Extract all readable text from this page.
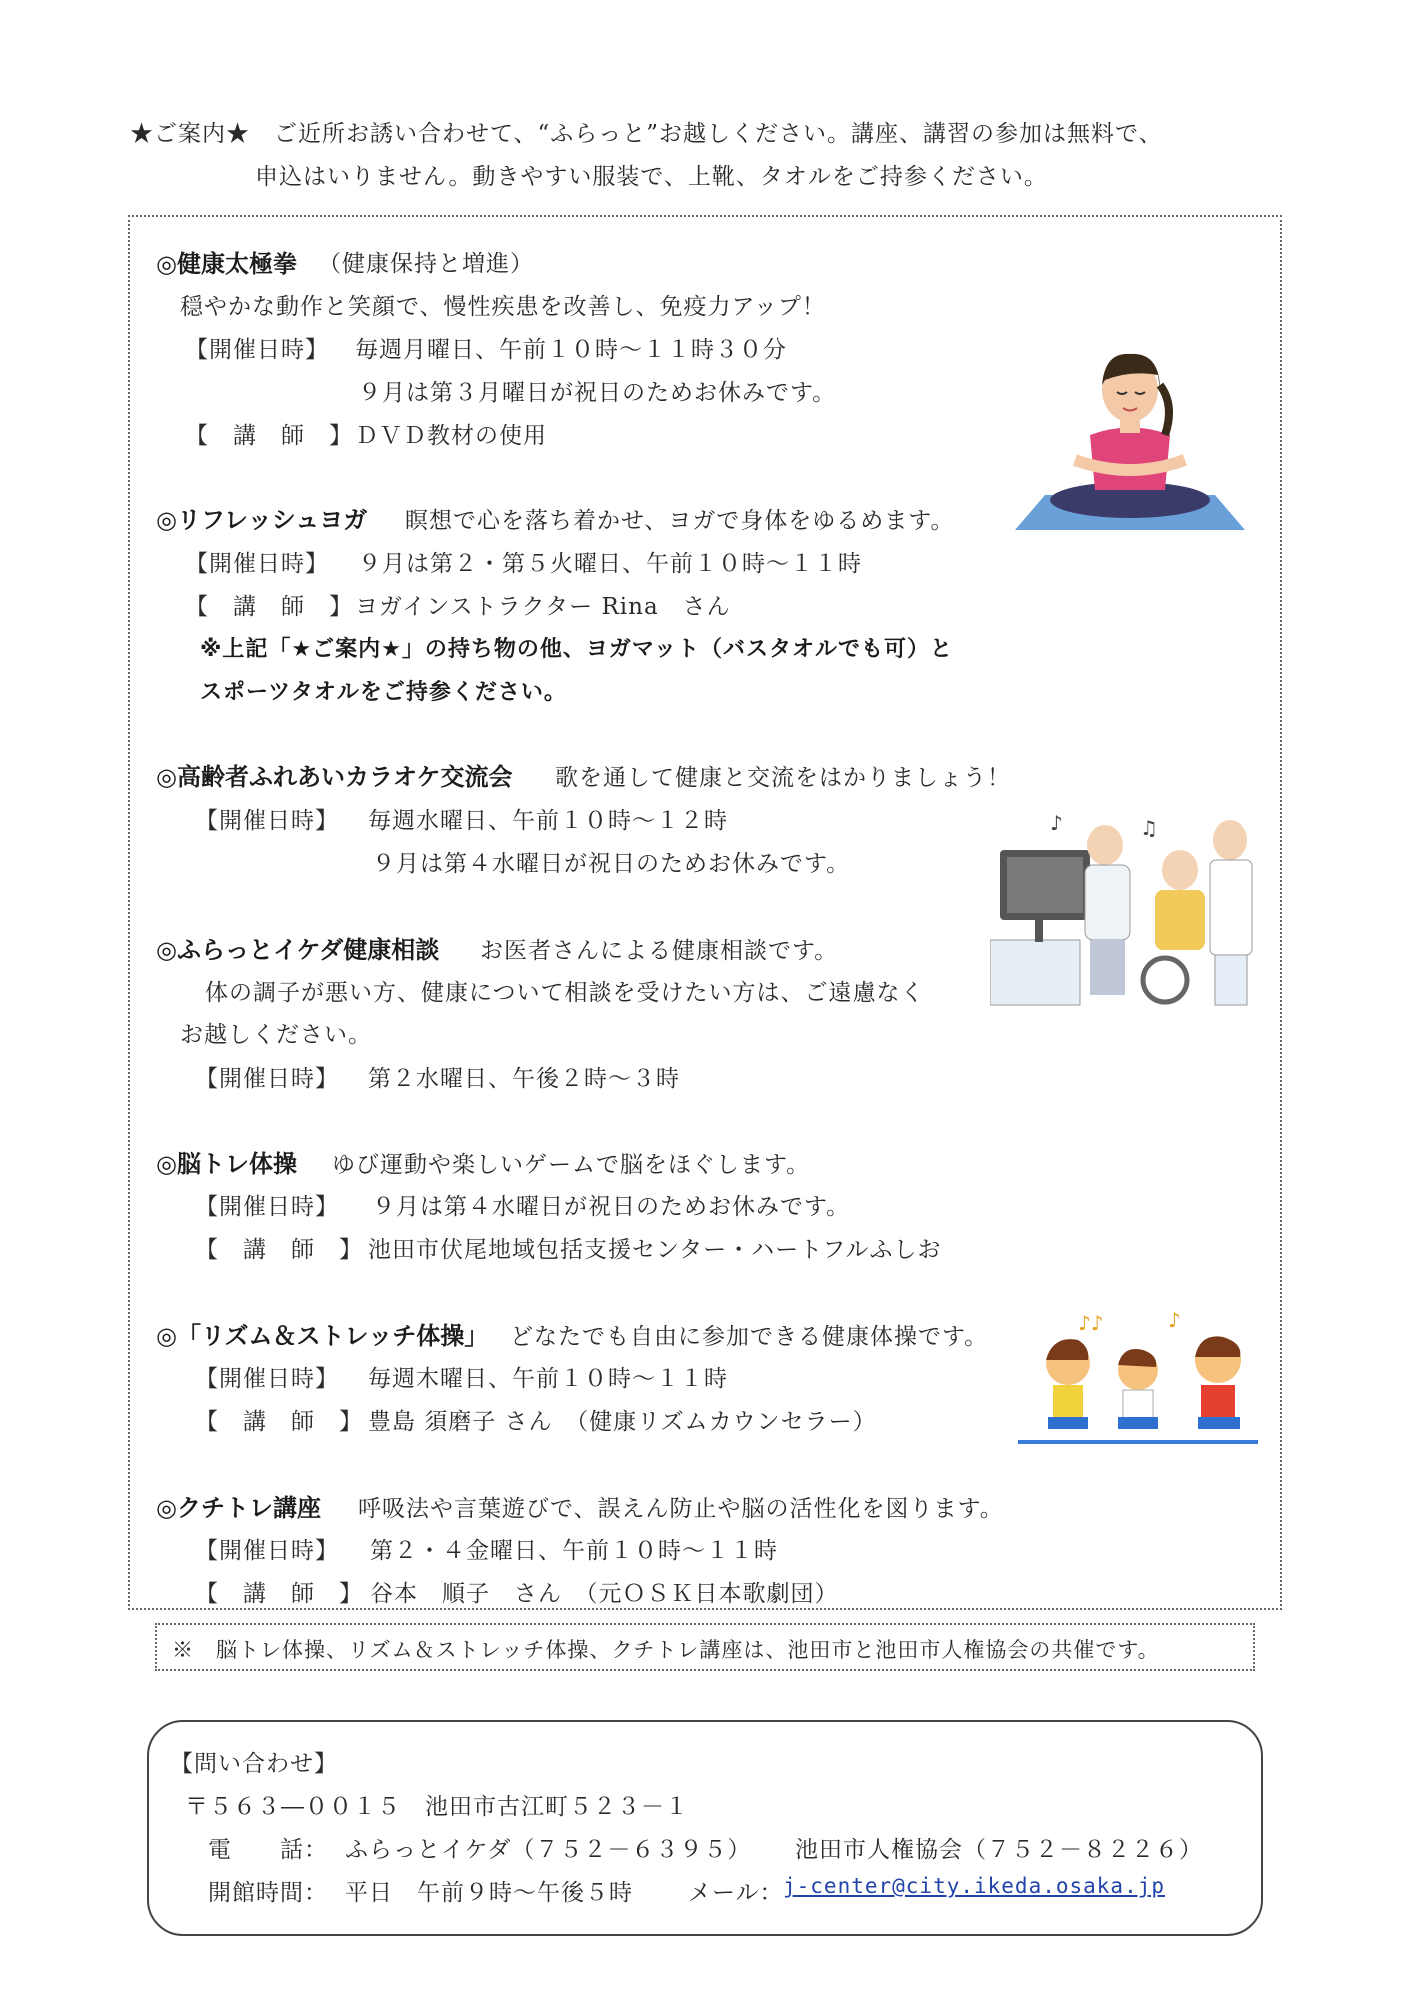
★ご案内★　ご近所お誘い合わせて、“ふらっと”お越しください。講座、講習の参加は無料で、
申込はいりません。動きやすい服装で、上靴、タオルをご持参ください。
◎健康太極拳 （健康保持と増進）
穏やかな動作と笑顔で、慢性疾患を改善し、免疫力アップ！
【開催日時】 毎週月曜日、午前１０時～１１時３０分
９月は第３月曜日が祝日のためお休みです。
【　講　師　】 ＤＶＤ教材の使用
◎リフレッシュヨガ 瞑想で心を落ち着かせ、ヨガで身体をゆるめます。
【開催日時】 ９月は第２・第５火曜日、午前１０時～１１時
【　講　師　】 ヨガインストラクター Rina　さん
※上記「★ご案内★」の持ち物の他、ヨガマット（バスタオルでも可）と
スポーツタオルをご持参ください。
◎高齢者ふれあいカラオケ交流会 歌を通して健康と交流をはかりましょう！
【開催日時】 毎週水曜日、午前１０時～１２時
９月は第４水曜日が祝日のためお休みです。
♪	♫
◎ふらっとイケダ健康相談 お医者さんによる健康相談です。
体の調子が悪い方、健康について相談を受けたい方は、ご遠慮なく
お越しください。
【開催日時】 第２水曜日、午後２時～３時
◎脳トレ体操 ゆび運動や楽しいゲームで脳をほぐします。
【開催日時】 ９月は第４水曜日が祝日のためお休みです。
【　講　師　】 池田市伏尾地域包括支援センター・ハートフルふしお
◎「リズム＆ストレッチ体操」 どなたでも自由に参加できる健康体操です。
【開催日時】 毎週木曜日、午前１０時～１１時
【　講　師　】 豊島 須磨子 さん　（健康リズムカウンセラー）
♪♪	♪
◎クチトレ講座 呼吸法や言葉遊びで、誤えん防止や脳の活性化を図ります。
【開催日時】 第２・４金曜日、午前１０時～１１時
【　講　師　】 谷本　順子　さん　（元ＯＳＫ日本歌劇団）
※　脳トレ体操、リズム＆ストレッチ体操、クチトレ講座は、池田市と池田市人権協会の共催です。
【問い合わせ】
〒５６３―００１５　池田市古江町５２３－１
電　　話： ふらっとイケダ（７５２－６３９５） 池田市人権協会（７５２－８２２６）
開館時間： 平日　午前９時～午後５時 メール： j-center@city.ikeda.osaka.jp
